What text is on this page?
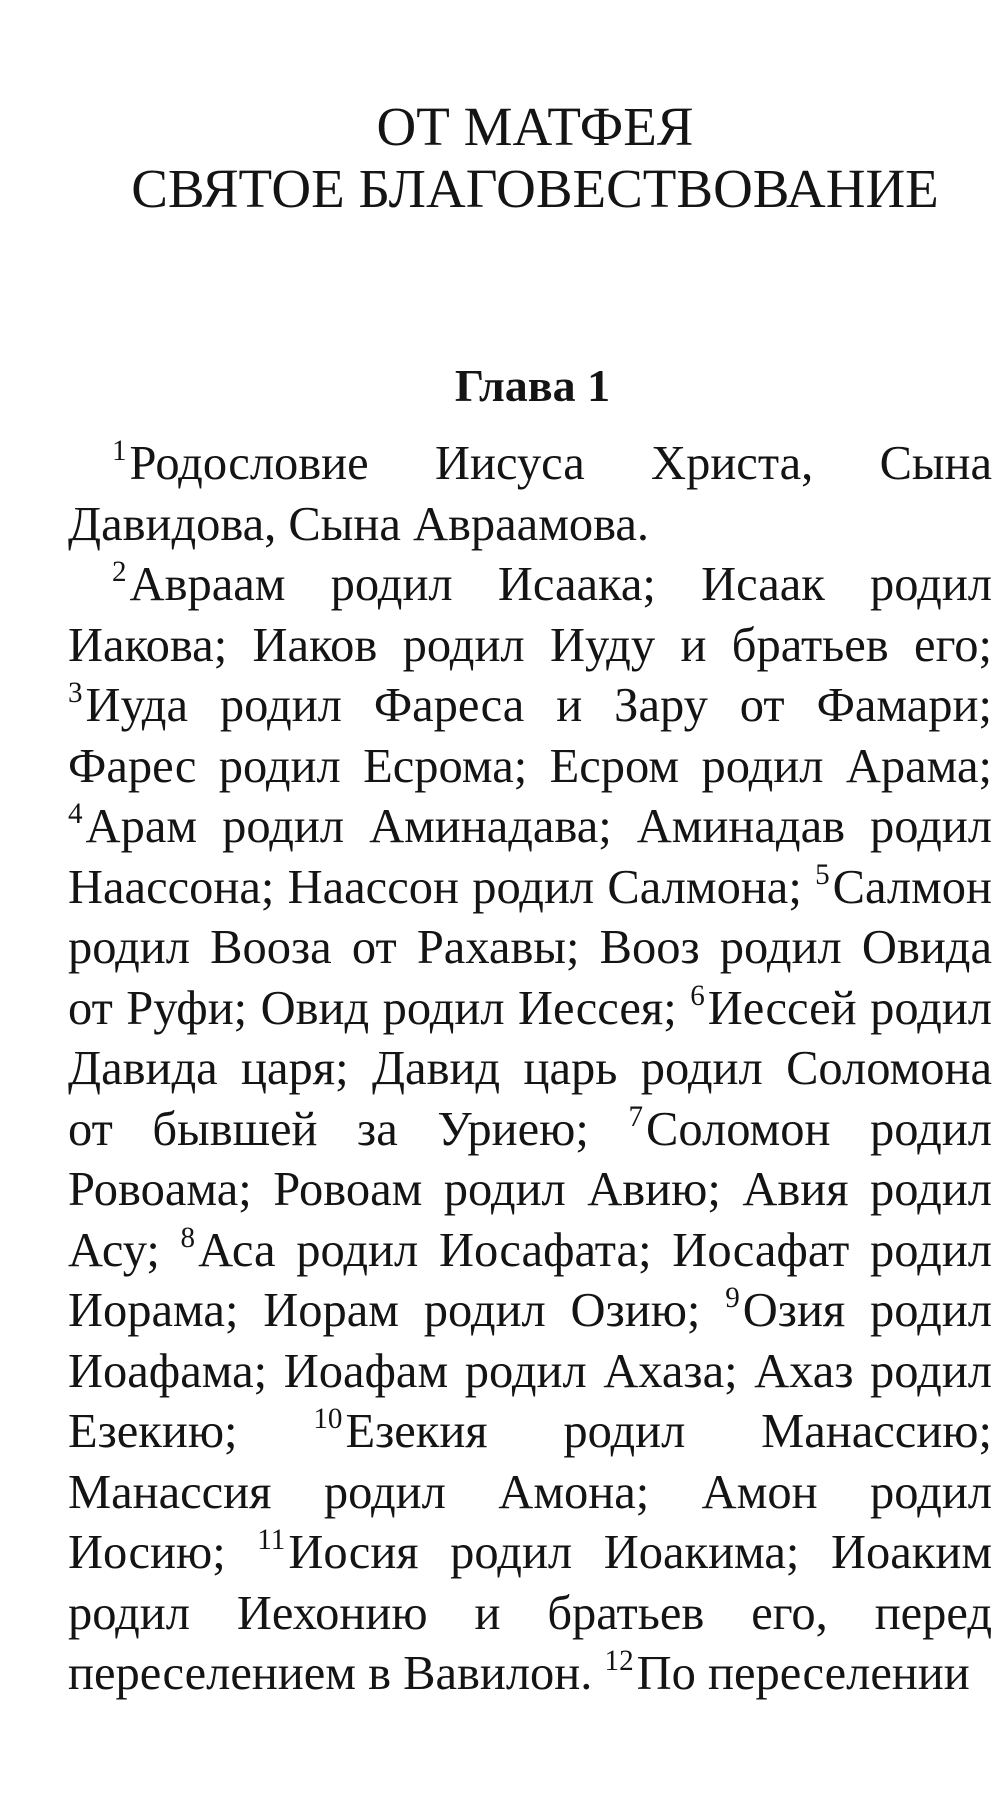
ОТ МАТФЕЯ
СВЯТОЕ БЛАГОВЕСТВОВАНИЕ
Глава 1

$^1$Родословие Иисуса Христа, Сына Давидова, Сына Авраамова.

$^2$Авраам родил Исаака; Исаак родил Иакова; Иаков родил Иуду и братьев его; $^3$Иуда родил Фареса и Зару от Фамари; Фарес родил Есрома; Есром родил Арама; $^4$Арам родил Аминадава; Аминадав родил Наассона; Наассон родил Салмона; $^5$Салмон родил Вооза от Рахавы; Вооз родил Овида от Руфи; Овид родил Иессея; $^6$Иессей родил Давида царя; Давид царь родил Соломона от бывшей за Уриею; $^7$Соломон родил Ровоама; Ровоам родил Авию; Авия родил Асу; $^8$Аса родил Иосафата; Иосафат родил Иорама; Иорам родил Озию; $^9$Озия родил Иоафама; Иоафам родил Ахаза; Ахаз родил Езекию;	$^{10}$Езекия родил Манассию; Манассия родил Амона; Амон родил Иосию; $^{11}$Иосия родил Иоакима; Иоаким родил Иехонию и братьев его, перед переселением в Вавилон. $^{12}$По переселении
